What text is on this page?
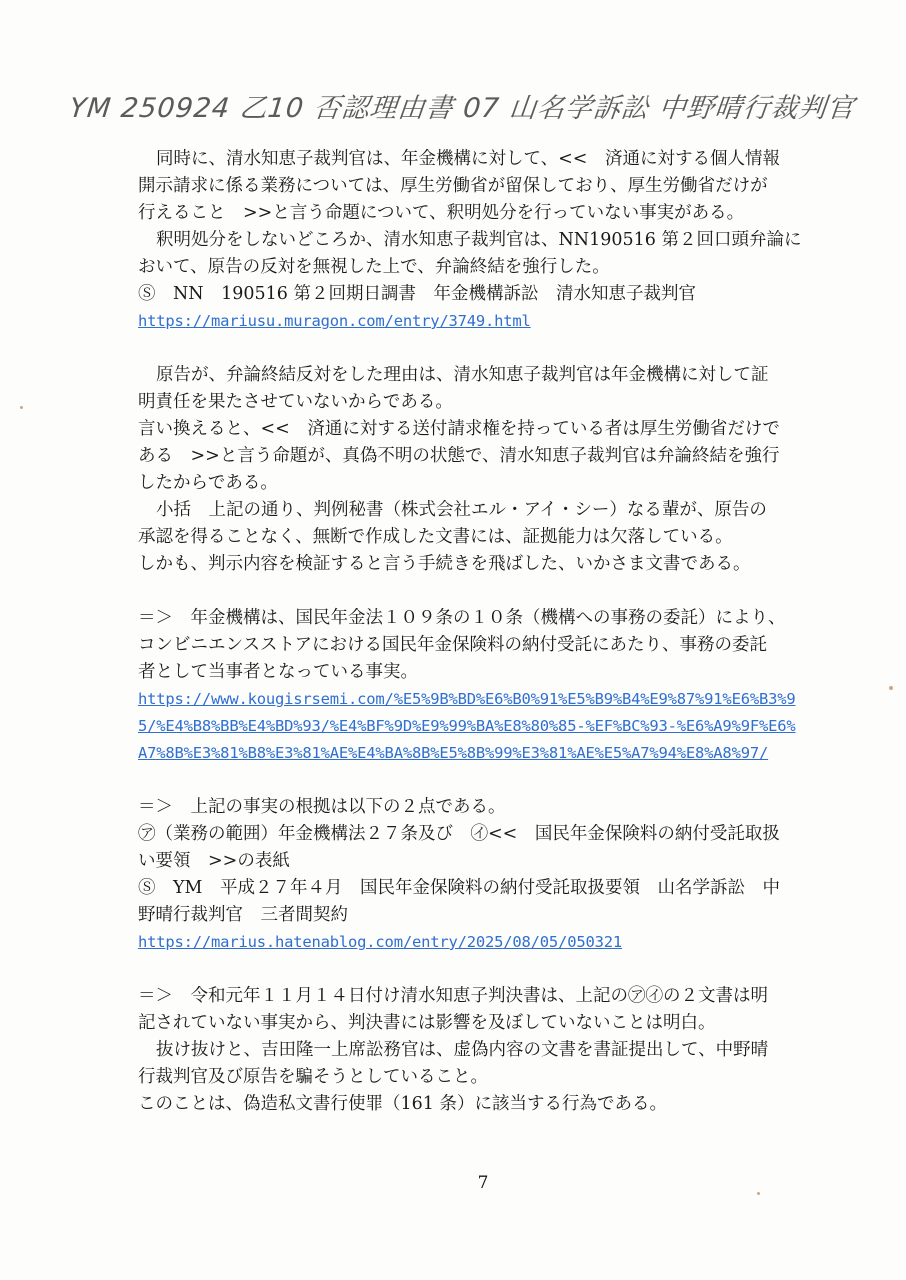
YM 250924 乙10 否認理由書 07 山名学訴訟 中野晴行裁判官
同時に、清水知恵子裁判官は、年金機構に対して、<<　済通に対する個人情報
開示請求に係る業務については、厚生労働省が留保しており、厚生労働省だけが
行えること　>>と言う命題について、釈明処分を行っていない事実がある。
釈明処分をしないどころか、清水知恵子裁判官は、NN190516 第２回口頭弁論に
おいて、原告の反対を無視した上で、弁論終結を強行した。
Ⓢ　NN　190516 第２回期日調書　年金機構訴訟　清水知恵子裁判官
https://mariusu.muragon.com/entry/3749.html
原告が、弁論終結反対をした理由は、清水知恵子裁判官は年金機構に対して証
明責任を果たさせていないからである。
言い換えると、<<　済通に対する送付請求権を持っている者は厚生労働省だけで
ある　>>と言う命題が、真偽不明の状態で、清水知恵子裁判官は弁論終結を強行
したからである。
小括　上記の通り、判例秘書（株式会社エル・アイ・シー）なる輩が、原告の
承認を得ることなく、無断で作成した文書には、証拠能力は欠落している。
しかも、判示内容を検証すると言う手続きを飛ばした、いかさま文書である。
＝＞　年金機構は、国民年金法１０９条の１０条（機構への事務の委託）により、
コンビニエンスストアにおける国民年金保険料の納付受託にあたり、事務の委託
者として当事者となっている事実。
https://www.kougisrsemi.com/%E5%9B%BD%E6%B0%91%E5%B9%B4%E9%87%91%E6%B3%9
5/%E4%B8%BB%E4%BD%93/%E4%BF%9D%E9%99%BA%E8%80%85-%EF%BC%93-%E6%A9%9F%E6%
A7%8B%E3%81%B8%E3%81%AE%E4%BA%8B%E5%8B%99%E3%81%AE%E5%A7%94%E8%A8%97/
＝＞　上記の事実の根拠は以下の２点である。
㋐（業務の範囲）年金機構法２７条及び　㋑<<　国民年金保険料の納付受託取扱
い要領　>>の表紙
Ⓢ　YM　平成２７年４月　国民年金保険料の納付受託取扱要領　山名学訴訟　中
野晴行裁判官　三者間契約
https://marius.hatenablog.com/entry/2025/08/05/050321
＝＞　令和元年１１月１４日付け清水知恵子判決書は、上記の㋐㋑の２文書は明
記されていない事実から、判決書には影響を及ぼしていないことは明白。
抜け抜けと、吉田隆一上席訟務官は、虚偽内容の文書を書証提出して、中野晴
行裁判官及び原告を騙そうとしていること。
このことは、偽造私文書行使罪（161 条）に該当する行為である。
7
